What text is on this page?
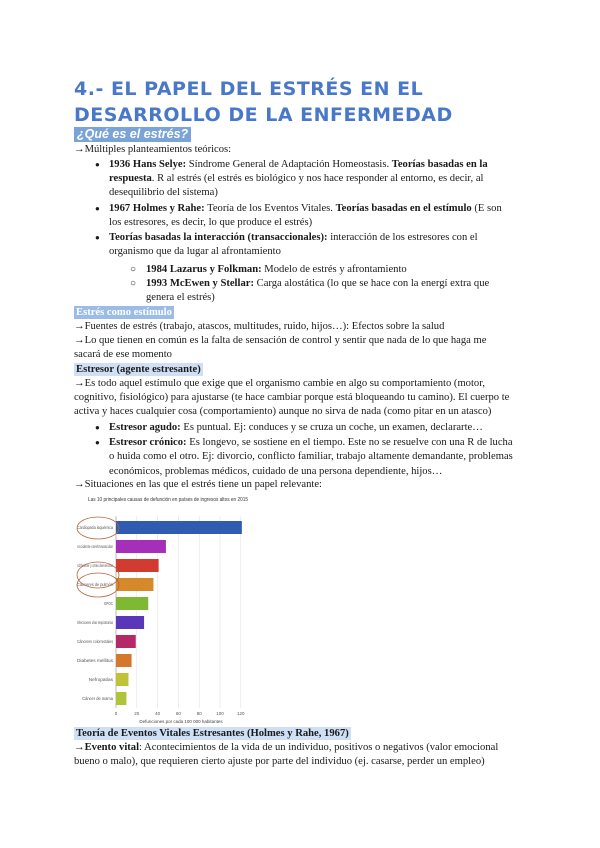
4.- EL PAPEL DEL ESTRÉS EN EL DESARROLLO DE LA ENFERMEDAD
¿Qué es el estrés?
→Múltiples planteamientos teóricos:
● 1936 Hans Selye: Síndrome General de Adaptación Homeostasis. Teorías basadas en la respuesta. R al estrés (el estrés es biológico y nos hace responder al entorno, es decir, al desequilibrio del sistema)
● 1967 Holmes y Rahe: Teoría de los Eventos Vitales. Teorías basadas en el estímulo (E son los estresores, es decir, lo que produce el estrés)
● Teorías basadas la interacción (transaccionales): interacción de los estresores con el organismo que da lugar al afrontamiento
○ 1984 Lazarus y Folkman: Modelo de estrés y afrontamiento
○ 1993 McEwen y Stellar: Carga alostática (lo que se hace con la energí extra que genera el estrés)
Estrés como estímulo
→Fuentes de estrés (trabajo, atascos, multitudes, ruido, hijos…): Efectos sobre la salud
→Lo que tienen en común es la falta de sensación de control y sentir que nada de lo que haga me sacará de ese momento
Estresor (agente estresante)
→Es todo aquel estímulo que exige que el organismo cambie en algo su comportamiento (motor, cognitivo, fisiológico) para ajustarse (te hace cambiar porque está bloqueando tu camino). El cuerpo te activa y haces cualquier cosa (comportamiento) aunque no sirva de nada (como pitar en un atasco)
● Estresor agudo: Es puntual. Ej: conduces y se cruza un coche, un examen, declararte…
● Estresor crónico: Es longevo, se sostiene en el tiempo. Este no se resuelve con una R de lucha o huida como el otro. Ej: divorcio, conflicto familiar, trabajo altamente demandante, problemas económicos, problemas médicos, cuidado de una persona dependiente, hijos…
→Situaciones en las que el estrés tiene un papel relevante:
Las 10 principales causas de defunción en países de ingresos altos en 2015
0	20	40	60	80	100	120
Cardiopatía isquémica
Accidente cerebrovascular
Alzheimer y otras demencias
Cánceres de pulmón
EPOC
Infecciones vías respiratorias
Cánceres colorrectales
Diabetes mellitus
Nefropatías
Cáncer de mama
Defunciones por cada 100 000 habitantes
Teoría de Eventos Vitales Estresantes (Holmes y Rahe, 1967)
→Evento vital: Acontecimientos de la vida de un individuo, positivos o negativos (valor emocional bueno o malo), que requieren cierto ajuste por parte del individuo (ej. casarse, perder un empleo)
